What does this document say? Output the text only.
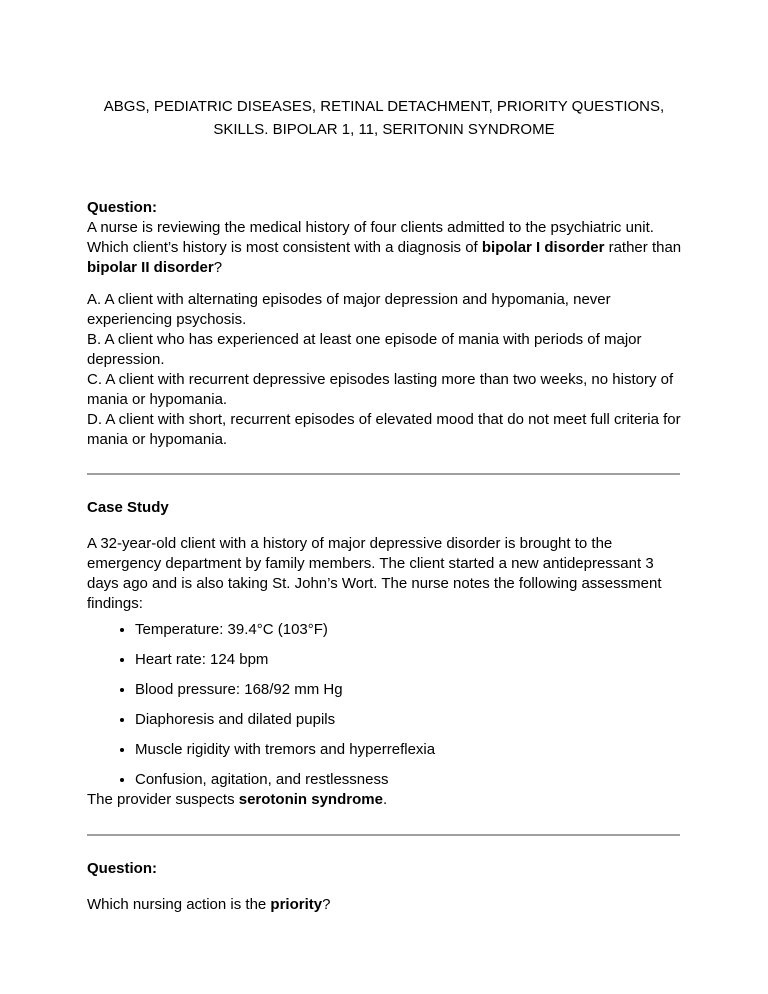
ABGS, PEDIATRIC DISEASES, RETINAL DETACHMENT, PRIORITY QUESTIONS,
SKILLS. BIPOLAR 1, 11, SERITONIN SYNDROME
Question:
A nurse is reviewing the medical history of four clients admitted to the psychiatric unit. Which client’s history is most consistent with a diagnosis of bipolar I disorder rather than bipolar II disorder?
A. A client with alternating episodes of major depression and hypomania, never experiencing psychosis.
B. A client who has experienced at least one episode of mania with periods of major depression.
C. A client with recurrent depressive episodes lasting more than two weeks, no history of mania or hypomania.
D. A client with short, recurrent episodes of elevated mood that do not meet full criteria for mania or hypomania.
Case Study

A 32-year-old client with a history of major depressive disorder is brought to the emergency department by family members. The client started a new antidepressant 3 days ago and is also taking St. John’s Wort. The nurse notes the following assessment findings:

• Temperature: 39.4°C (103°F)
• Heart rate: 124 bpm
• Blood pressure: 168/92 mm Hg
• Diaphoresis and dilated pupils
• Muscle rigidity with tremors and hyperreflexia
• Confusion, agitation, and restlessness
The provider suspects serotonin syndrome.
Question:

Which nursing action is the priority?
